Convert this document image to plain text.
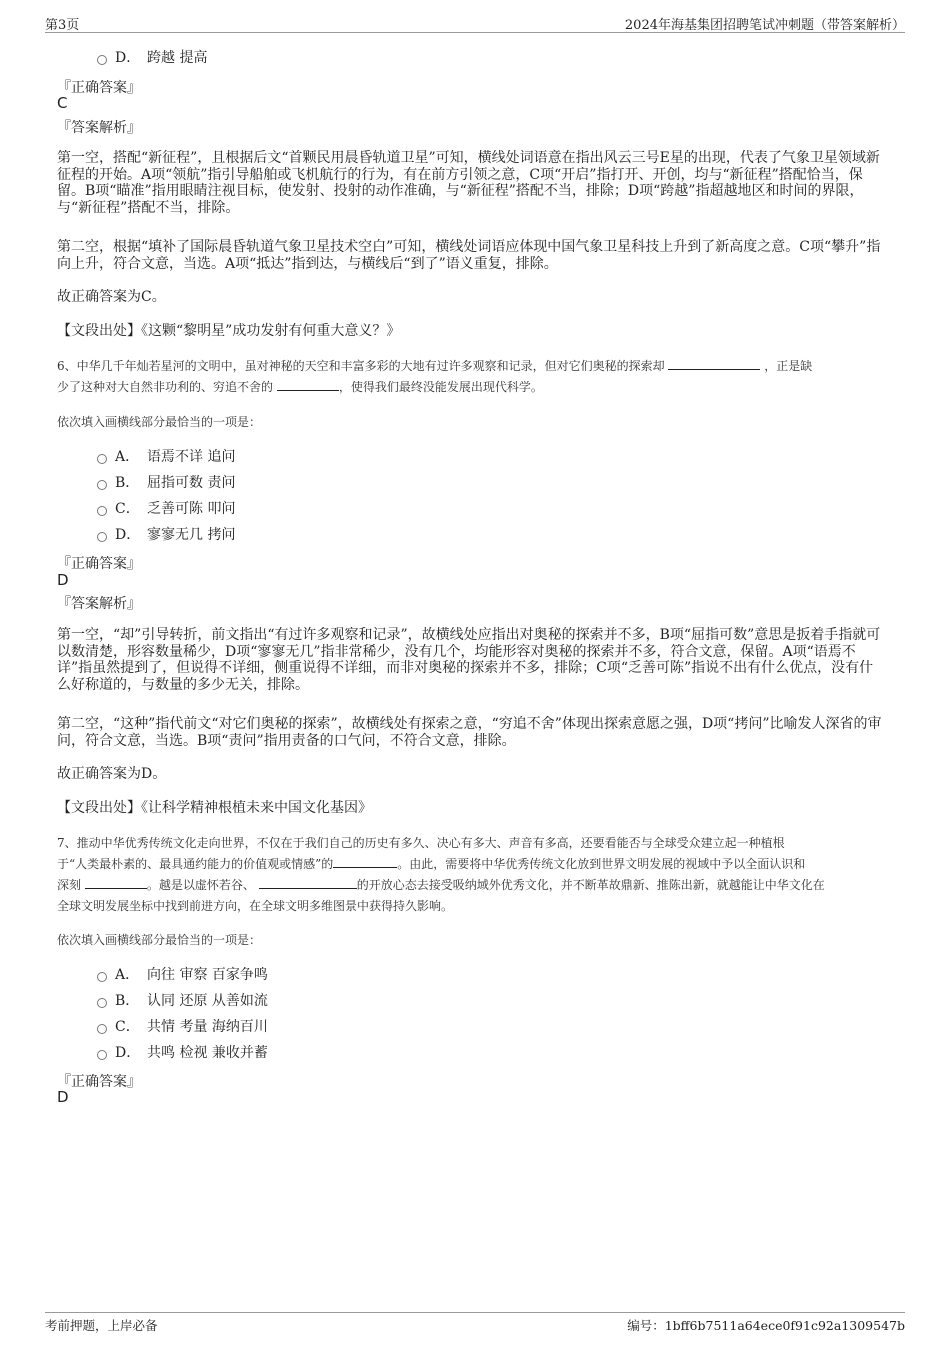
第3页	2024年海基集团招聘笔试冲刺题（带答案解析）
D． 跨越 提高
『正确答案』
C
『答案解析』
第一空，搭配“新征程”，且根据后文“首颗民用晨昏轨道卫星”可知，横线处词语意在指出风云三号E星的出现，代表了气象卫星领域新征程的开始。A项“领航”指引导船舶或飞机航行的行为，有在前方引领之意，C项“开启”指打开、开创，均与“新征程”搭配恰当，保留。B项“瞄准”指用眼睛注视目标，使发射、投射的动作准确，与“新征程”搭配不当，排除；D项“跨越”指超越地区和时间的界限，与“新征程”搭配不当，排除。
第二空，根据“填补了国际晨昏轨道气象卫星技术空白”可知，横线处词语应体现中国气象卫星科技上升到了新高度之意。C项“攀升”指向上升，符合文意，当选。A项“抵达”指到达，与横线后“到了”语义重复，排除。
故正确答案为C。
【文段出处】《这颗“黎明星”成功发射有何重大意义？》
6、中华几千年灿若星河的文明中，虽对神秘的天空和丰富多彩的大地有过许多观察和记录，但对它们奥秘的探索却	，正是缺
少了这种对大自然非功利的、穷追不舍的	，使得我们最终没能发展出现代科学。
依次填入画横线部分最恰当的一项是：
A． 语焉不详 追问
B． 屈指可数 责问
C． 乏善可陈 叩问
D． 寥寥无几 拷问
『正确答案』
D
『答案解析』
第一空，“却”引导转折，前文指出“有过许多观察和记录”，故横线处应指出对奥秘的探索并不多，B项“屈指可数”意思是扳着手指就可以数清楚，形容数量稀少，D项“寥寥无几”指非常稀少，没有几个，均能形容对奥秘的探索并不多，符合文意，保留。A项“语焉不详”指虽然提到了，但说得不详细，侧重说得不详细，而非对奥秘的探索并不多，排除；C项“乏善可陈”指说不出有什么优点，没有什么好称道的，与数量的多少无关，排除。
第二空，“这种”指代前文“对它们奥秘的探索”，故横线处有探索之意，“穷追不舍”体现出探索意愿之强，D项“拷问”比喻发人深省的审问，符合文意，当选。B项“责问”指用责备的口气问，不符合文意，排除。
故正确答案为D。
【文段出处】《让科学精神根植未来中国文化基因》
7、推动中华优秀传统文化走向世界，不仅在于我们自己的历史有多久、决心有多大、声音有多高，还要看能否与全球受众建立起一种植根
于“人类最朴素的、最具通约能力的价值观或情感”的	。由此，需要将中华优秀传统文化放到世界文明发展的视域中予以全面认识和
深刻	。越是以虚怀若谷、	的开放心态去接受吸纳域外优秀文化，并不断革故鼎新、推陈出新，就越能让中华文化在
全球文明发展坐标中找到前进方向，在全球文明多维图景中获得持久影响。
依次填入画横线部分最恰当的一项是：
A． 向往 审察 百家争鸣
B． 认同 还原 从善如流
C． 共情 考量 海纳百川
D． 共鸣 检视 兼收并蓄
『正确答案』
D
考前押题，上岸必备	编号：1bff6b7511a64ece0f91c92a1309547b
